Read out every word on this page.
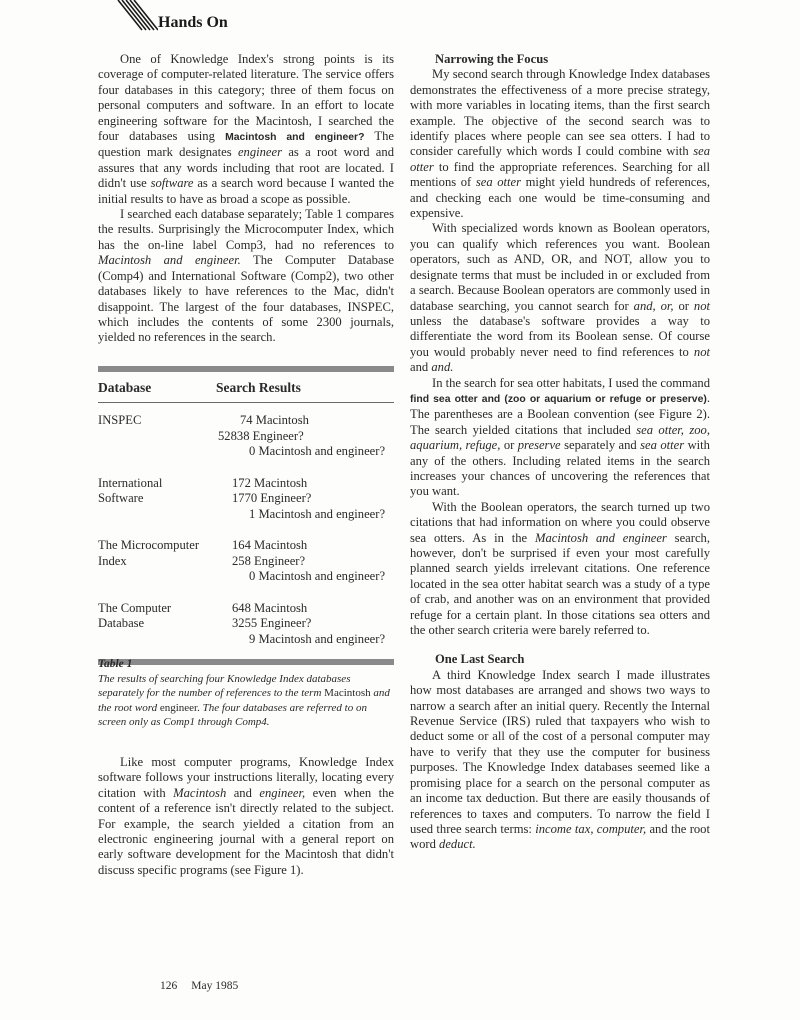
Hands On

One of Knowledge Index's strong points is its coverage of computer-related literature. The service offers four databases in this category; three of them focus on personal computers and software. In an effort to locate engineering software for the Macintosh, I searched the four databases using Macintosh and engineer? The question mark designates engineer as a root word and assures that any words including that root are located. I didn't use software as a search word because I wanted the initial results to have as broad a scope as possible.

I searched each database separately; Table 1 compares the results. Surprisingly the Microcomputer Index, which has the on-line label Comp3, had no references to Macintosh and engineer. The Computer Database (Comp4) and International Software (Comp2), two other databases likely to have references to the Mac, didn't disappoint. The largest of the four databases, INSPEC, which includes the contents of some 2300 journals, yielded no references in the search.

Database	Search Results
INSPEC	74 Macintosh
52838 Engineer?
0 Macintosh and engineer?
International
Software
172 Macintosh
1770 Engineer?
1 Macintosh and engineer?
The Microcomputer
Index
164 Macintosh
258 Engineer?
0 Macintosh and engineer?
The Computer
Database
648 Macintosh
3255 Engineer?
9 Macintosh and engineer?
Table 1
The results of searching four Knowledge Index databases separately for the number of references to the term Macintosh and the root word engineer. The four databases are referred to on screen only as Comp1 through Comp4.

Like most computer programs, Knowledge Index software follows your instructions literally, locating every citation with Macintosh and engineer, even when the content of a reference isn't directly related to the subject. For example, the search yielded a citation from an electronic engineering journal with a general report on early software development for the Macintosh that didn't discuss specific programs (see Figure 1).

Narrowing the Focus

My second search through Knowledge Index databases demonstrates the effectiveness of a more precise strategy, with more variables in locating items, than the first search example. The objective of the second search was to identify places where people can see sea otters. I had to consider carefully which words I could combine with sea otter to find the appropriate references. Searching for all mentions of sea otter might yield hundreds of references, and checking each one would be time-consuming and expensive.

With specialized words known as Boolean operators, you can qualify which references you want. Boolean operators, such as AND, OR, and NOT, allow you to designate terms that must be included in or excluded from a search. Because Boolean operators are commonly used in database searching, you cannot search for and, or, or not unless the database's software provides a way to differentiate the word from its Boolean sense. Of course you would probably never need to find references to not and and.

In the search for sea otter habitats, I used the command find sea otter and (zoo or aquarium or refuge or preserve). The parentheses are a Boolean convention (see Figure 2). The search yielded citations that included sea otter, zoo, aquarium, refuge, or preserve separately and sea otter with any of the others. Including related items in the search increases your chances of uncovering the references that you want.

With the Boolean operators, the search turned up two citations that had information on where you could observe sea otters. As in the Macintosh and engineer search, however, don't be surprised if even your most carefully planned search yields irrelevant citations. One reference located in the sea otter habitat search was a study of a type of crab, and another was on an environment that provided refuge for a certain plant. In those citations sea otters and the other search criteria were barely referred to.

One Last Search

A third Knowledge Index search I made illustrates how most databases are arranged and shows two ways to narrow a search after an initial query. Recently the Internal Revenue Service (IRS) ruled that taxpayers who wish to deduct some or all of the cost of a personal computer may have to verify that they use the computer for business purposes. The Knowledge Index databases seemed like a promising place for a search on the personal computer as an income tax deduction. But there are easily thousands of references to taxes and computers. To narrow the field I used three search terms: income tax, computer, and the root word deduct.

126 May 1985
